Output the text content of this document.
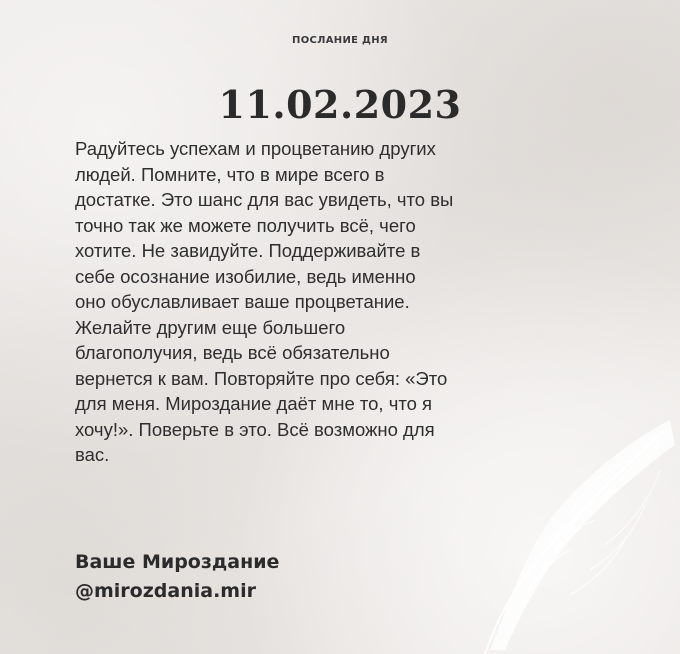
ПОСЛАНИЕ ДНЯ
11.02.2023
Радуйтесь успехам и процветанию других
людей. Помните, что в мире всего в
достатке. Это шанс для вас увидеть, что вы
точно так же можете получить всё, чего
хотите. Не завидуйте. Поддерживайте в
себе осознание изобилие, ведь именно
оно обуславливает ваше процветание.
Желайте другим еще большего
благополучия, ведь всё обязательно
вернется к вам. Повторяйте про себя: «Это
для меня. Мироздание даёт мне то, что я
хочу!». Поверьте в это. Всё возможно для
вас.
Ваше Мироздание
@mirozdania.mir
